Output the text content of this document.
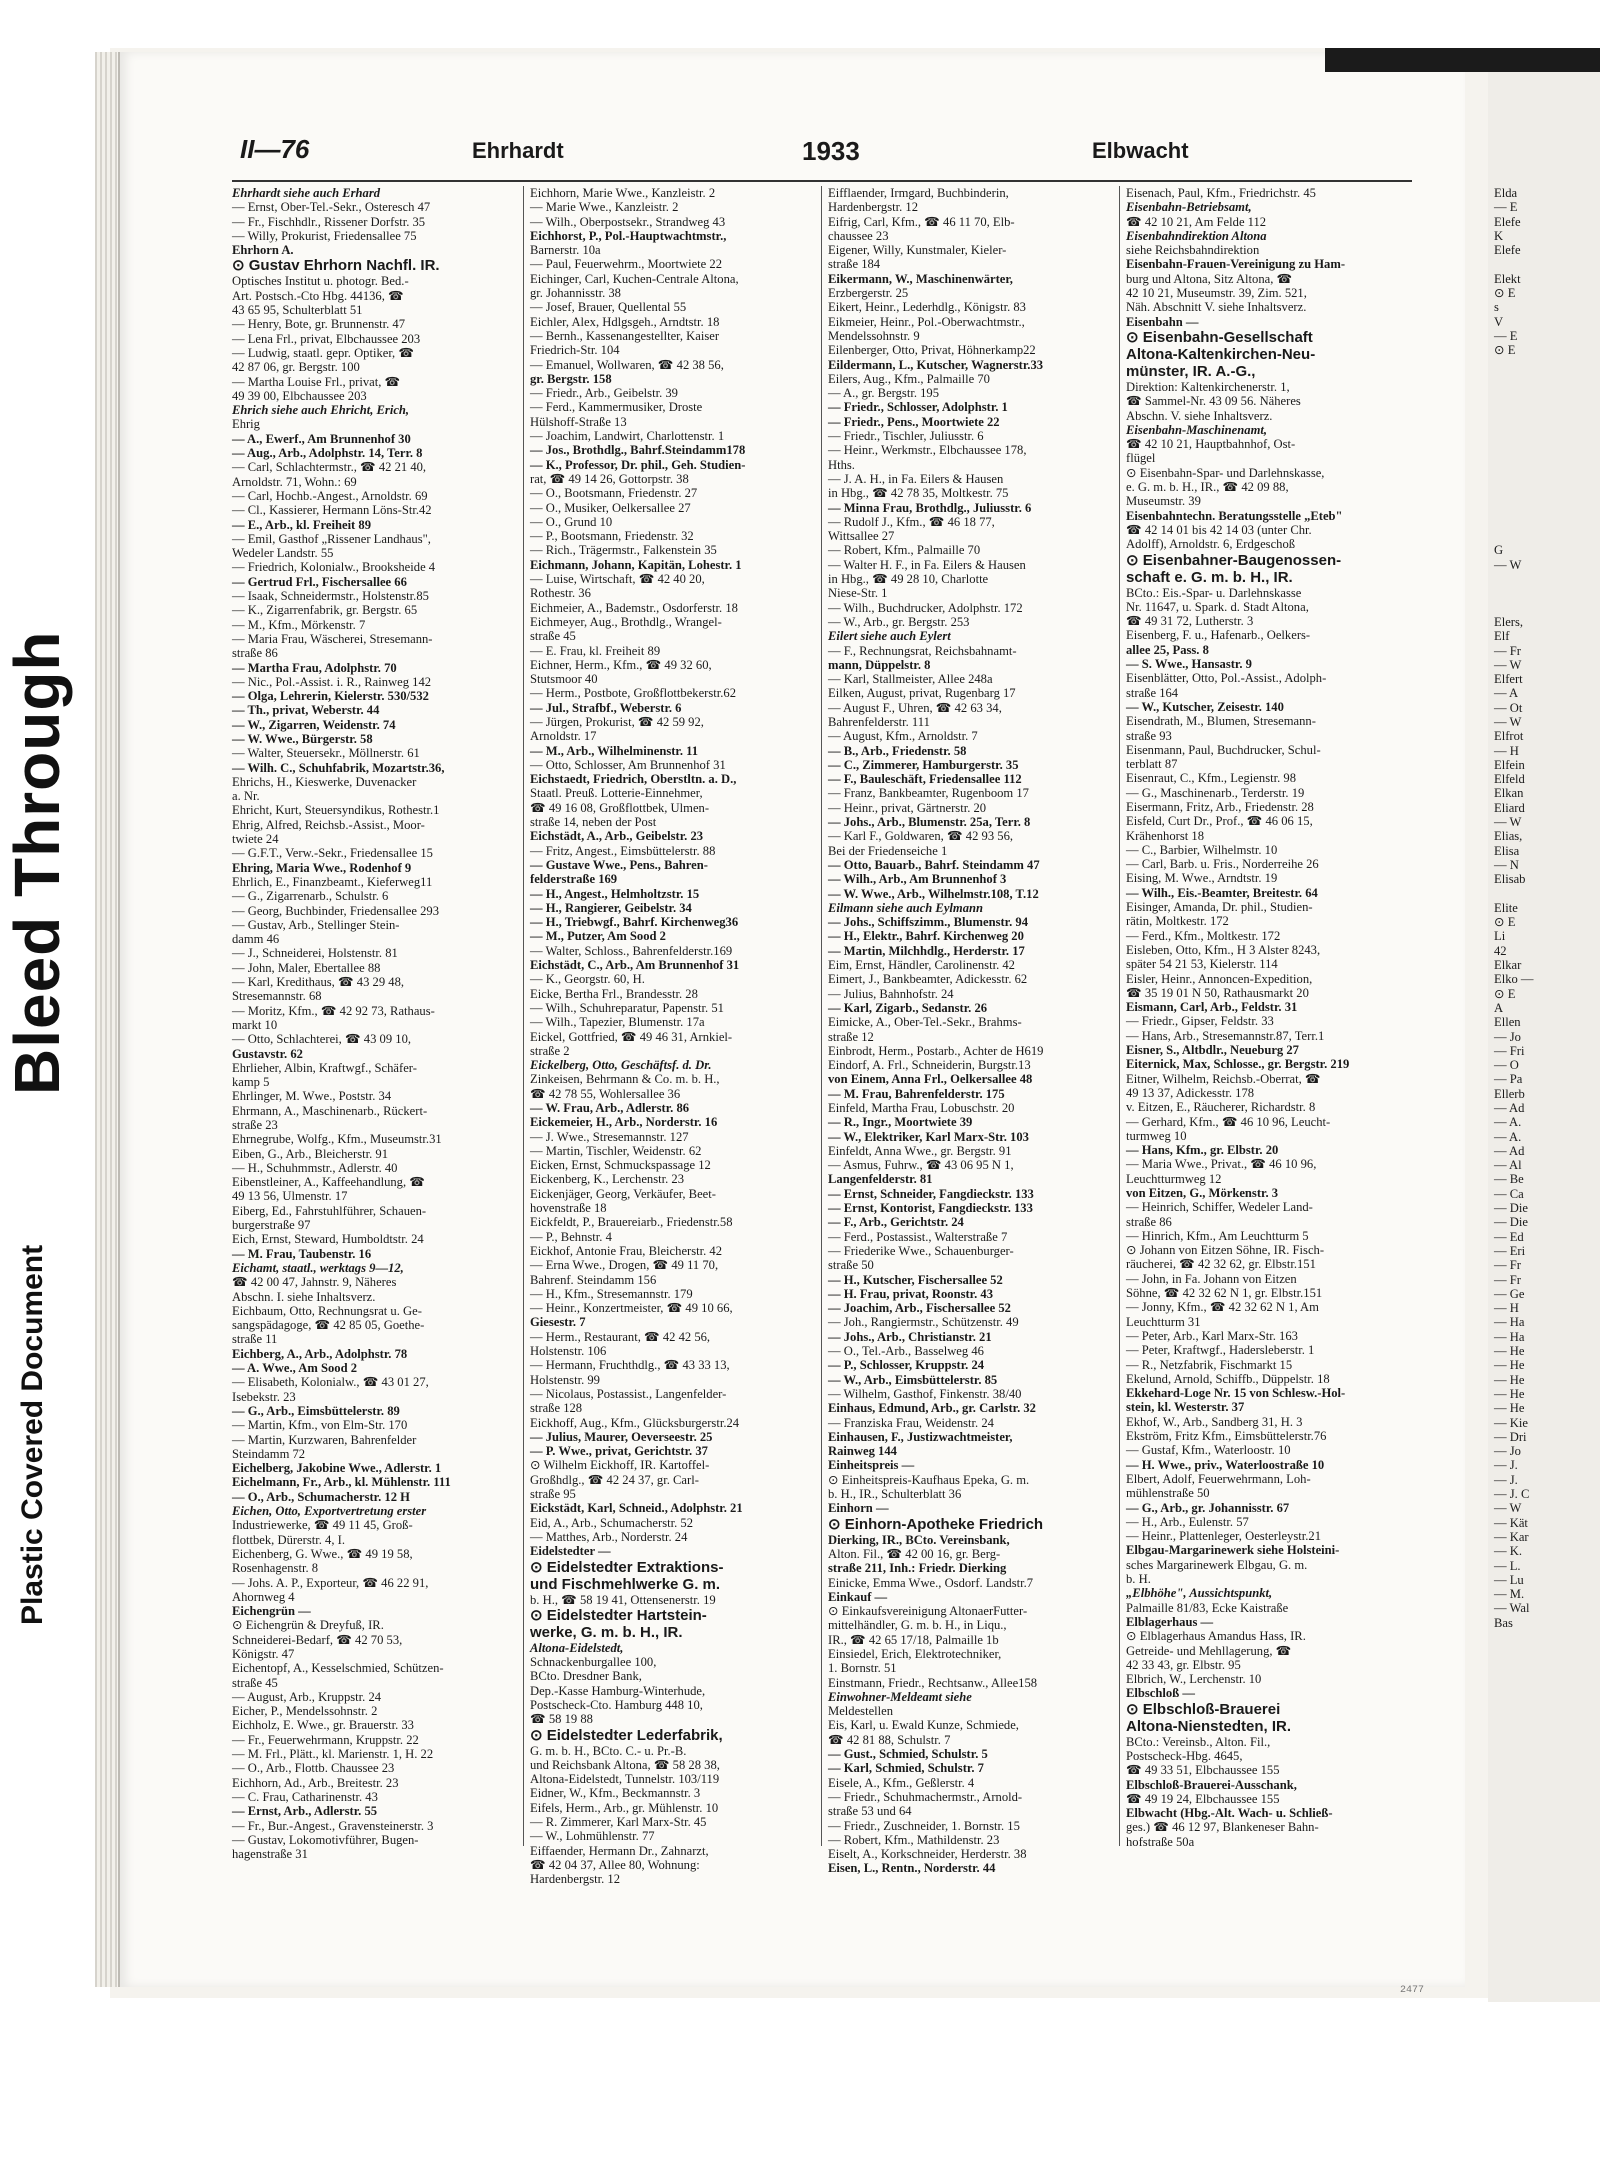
Bleed Through
Plastic Covered Document
II—76	Ehrhardt	1933	Elbwacht
Ehrhardt siehe auch Erhard
— Ernst, Ober-Tel.-Sekr., Osteresch 47
— Fr., Fischhdlr., Rissener Dorfstr. 35
— Willy, Prokurist, Friedensallee 75
Ehrhorn A.
⊙ Gustav Ehrhorn Nachfl. IR.
Optisches Institut u. photogr. Bed.-
Art. Postsch.-Cto Hbg. 44136, ☎
43 65 95, Schulterblatt 51
— Henry, Bote, gr. Brunnenstr. 47
— Lena Frl., privat, Elbchaussee 203
— Ludwig, staatl. gepr. Optiker, ☎
42 87 06, gr. Bergstr. 100
— Martha Louise Frl., privat, ☎
49 39 00, Elbchaussee 203
Ehrich siehe auch Ehricht, Erich,
Ehrig
— A., Ewerf., Am Brunnenhof 30
— Aug., Arb., Adolphstr. 14, Terr. 8
— Carl, Schlachtermstr., ☎ 42 21 40,
Arnoldstr. 71, Wohn.: 69
— Carl, Hochb.-Angest., Arnoldstr. 69
— Cl., Kassierer, Hermann Löns-Str.42
— E., Arb., kl. Freiheit 89
— Emil, Gasthof „Rissener Landhaus",
Wedeler Landstr. 55
— Friedrich, Kolonialw., Brooksheide 4
— Gertrud Frl., Fischersallee 66
— Isaak, Schneidermstr., Holstenstr.85
— K., Zigarrenfabrik, gr. Bergstr. 65
— M., Kfm., Mörkenstr. 7
— Maria Frau, Wäscherei, Stresemann-
straße 86
— Martha Frau, Adolphstr. 70
— Nic., Pol.-Assist. i. R., Rainweg 142
— Olga, Lehrerin, Kielerstr. 530/532
— Th., privat, Weberstr. 44
— W., Zigarren, Weidenstr. 74
— W. Wwe., Bürgerstr. 58
— Walter, Steuersekr., Möllnerstr. 61
— Wilh. C., Schuhfabrik, Mozartstr.36,
Ehrichs, H., Kieswerke, Duvenacker
a. Nr.
Ehricht, Kurt, Steuersyndikus, Rothestr.1
Ehrig, Alfred, Reichsb.-Assist., Moor-
twiete 24
— G.F.T., Verw.-Sekr., Friedensallee 15
Ehring, Maria Wwe., Rodenhof 9
Ehrlich, E., Finanzbeamt., Kieferweg11
— G., Zigarrenarb., Schulstr. 6
— Georg, Buchbinder, Friedensallee 293
— Gustav, Arb., Stellinger Stein-
damm 46
— J., Schneiderei, Holstenstr. 81
— John, Maler, Ebertallee 88
— Karl, Kredithaus, ☎ 43 29 48,
Stresemannstr. 68
— Moritz, Kfm., ☎ 42 92 73, Rathaus-
markt 10
— Otto, Schlachterei, ☎ 43 09 10,
Gustavstr. 62
Ehrlieher, Albin, Kraftwgf., Schäfer-
kamp 5
Ehrlinger, M. Wwe., Poststr. 34
Ehrmann, A., Maschinenarb., Rückert-
straße 23
Ehrnegrube, Wolfg., Kfm., Museumstr.31
Eiben, G., Arb., Bleicherstr. 91
— H., Schuhmmstr., Adlerstr. 40
Eibenstleiner, A., Kaffeehandlung, ☎
49 13 56, Ulmenstr. 17
Eiberg, Ed., Fahrstuhlführer, Schauen-
burgerstraße 97
Eich, Ernst, Steward, Humboldtstr. 24
— M. Frau, Taubenstr. 16
Eichamt, staatl., werktags 9—12,
☎ 42 00 47, Jahnstr. 9, Näheres
Abschn. I. siehe Inhaltsverz.
Eichbaum, Otto, Rechnungsrat u. Ge-
sangspädagoge, ☎ 42 85 05, Goethe-
straße 11
Eichberg, A., Arb., Adolphstr. 78
— A. Wwe., Am Sood 2
— Elisabeth, Kolonialw., ☎ 43 01 27,
Isebekstr. 23
— G., Arb., Eimsbüttelerstr. 89
— Martin, Kfm., von Elm-Str. 170
— Martin, Kurzwaren, Bahrenfelder
Steindamm 72
Eichelberg, Jakobine Wwe., Adlerstr. 1
Eichelmann, Fr., Arb., kl. Mühlenstr. 111
— O., Arb., Schumacherstr. 12 H
Eichen, Otto, Exportvertretung erster
Industriewerke, ☎ 49 11 45, Groß-
flottbek, Dürerstr. 4, I.
Eichenberg, G. Wwe., ☎ 49 19 58,
Rosenhagenstr. 8
— Johs. A. P., Exporteur, ☎ 46 22 91,
Ahornweg 4
Eichengrün —
⊙ Eichengrün & Dreyfuß, IR.
Schneiderei-Bedarf, ☎ 42 70 53,
Königstr. 47
Eichentopf, A., Kesselschmied, Schützen-
straße 45
— August, Arb., Kruppstr. 24
Eicher, P., Mendelssohnstr. 2
Eichholz, E. Wwe., gr. Brauerstr. 33
— Fr., Feuerwehrmann, Kruppstr. 22
— M. Frl., Plätt., kl. Marienstr. 1, H. 22
— O., Arb., Flottb. Chaussee 23
Eichhorn, Ad., Arb., Breitestr. 23
— C. Frau, Catharinenstr. 43
— Ernst, Arb., Adlerstr. 55
— Fr., Bur.-Angest., Gravensteinerstr. 3
— Gustav, Lokomotivführer, Bugen-
hagenstraße 31
Eichhorn, Marie Wwe., Kanzleistr. 2
— Marie Wwe., Kanzleistr. 2
— Wilh., Oberpostsekr., Strandweg 43
Eichhorst, P., Pol.-Hauptwachtmstr.,
Barnerstr. 10a
— Paul, Feuerwehrm., Moortwiete 22
Eichinger, Carl, Kuchen-Centrale Altona,
gr. Johannisstr. 38
— Josef, Brauer, Quellental 55
Eichler, Alex, Hdlgsgeh., Arndtstr. 18
— Bernh., Kassenangestellter, Kaiser
Friedrich-Str. 104
— Emanuel, Wollwaren, ☎ 42 38 56,
gr. Bergstr. 158
— Friedr., Arb., Geibelstr. 39
— Ferd., Kammermusiker, Droste
Hülshoff-Straße 13
— Joachim, Landwirt, Charlottenstr. 1
— Jos., Brothdlg., Bahrf.Steindamm178
— K., Professor, Dr. phil., Geh. Studien-
rat, ☎ 49 14 26, Gottorpstr. 38
— O., Bootsmann, Friedenstr. 27
— O., Musiker, Oelkersallee 27
— O., Grund 10
— P., Bootsmann, Friedenstr. 32
— Rich., Trägermstr., Falkenstein 35
Eichmann, Johann, Kapitän, Lohestr. 1
— Luise, Wirtschaft, ☎ 42 40 20,
Rothestr. 36
Eichmeier, A., Bademstr., Osdorferstr. 18
Eichmeyer, Aug., Brothdlg., Wrangel-
straße 45
— E. Frau, kl. Freiheit 89
Eichner, Herm., Kfm., ☎ 49 32 60,
Stutsmoor 40
— Herm., Postbote, Großflottbekerstr.62
— Jul., Strafbf., Weberstr. 6
— Jürgen, Prokurist, ☎ 42 59 92,
Arnoldstr. 17
— M., Arb., Wilhelminenstr. 11
— Otto, Schlosser, Am Brunnenhof 31
Eichstaedt, Friedrich, Oberstltn. a. D.,
Staatl. Preuß. Lotterie-Einnehmer,
☎ 49 16 08, Großflottbek, Ulmen-
straße 14, neben der Post
Eichstädt, A., Arb., Geibelstr. 23
— Fritz, Angest., Eimsbüttelerstr. 88
— Gustave Wwe., Pens., Bahren-
felderstraße 169
— H., Angest., Helmholtzstr. 15
— H., Rangierer, Geibelstr. 34
— H., Triebwgf., Bahrf. Kirchenweg36
— M., Putzer, Am Sood 2
— Walter, Schloss., Bahrenfelderstr.169
Eichstädt, C., Arb., Am Brunnenhof 31
— K., Georgstr. 60, H.
Eicke, Bertha Frl., Brandesstr. 28
— Wilh., Schuhreparatur, Papenstr. 51
— Wilh., Tapezier, Blumenstr. 17a
Eickel, Gottfried, ☎ 49 46 31, Arnkiel-
straße 2
Eickelberg, Otto, Geschäftsf. d. Dr.
Zinkeisen, Behrmann & Co. m. b. H.,
☎ 42 78 55, Wohlersallee 36
— W. Frau, Arb., Adlerstr. 86
Eickemeier, H., Arb., Norderstr. 16
— J. Wwe., Stresemannstr. 127
— Martin, Tischler, Weidenstr. 62
Eicken, Ernst, Schmuckspassage 12
Eickenberg, K., Lerchenstr. 23
Eickenjäger, Georg, Verkäufer, Beet-
hovenstraße 18
Eickfeldt, P., Brauereiarb., Friedenstr.58
— P., Behnstr. 4
Eickhof, Antonie Frau, Bleicherstr. 42
— Erna Wwe., Drogen, ☎ 49 11 70,
Bahrenf. Steindamm 156
— H., Kfm., Stresemannstr. 179
— Heinr., Konzertmeister, ☎ 49 10 66,
Giesestr. 7
— Herm., Restaurant, ☎ 42 42 56,
Holstenstr. 106
— Hermann, Fruchthdlg., ☎ 43 33 13,
Holstenstr. 99
— Nicolaus, Postassist., Langenfelder-
straße 128
Eickhoff, Aug., Kfm., Glücksburgerstr.24
— Julius, Maurer, Oeverseestr. 25
— P. Wwe., privat, Gerichtstr. 37
⊙ Wilhelm Eickhoff, IR. Kartoffel-
Großhdlg., ☎ 42 24 37, gr. Carl-
straße 95
Eickstädt, Karl, Schneid., Adolphstr. 21
Eid, A., Arb., Schumacherstr. 52
— Matthes, Arb., Norderstr. 24
Eidelstedter —
⊙ Eidelstedter Extraktions-
und Fischmehlwerke G. m.
b. H., ☎ 58 19 41, Ottensenerstr. 19
⊙ Eidelstedter Hartstein-
werke, G. m. b. H., IR.
Altona-Eidelstedt,
Schnackenburgallee 100,
BCto. Dresdner Bank,
Dep.-Kasse Hamburg-Winterhude,
Postscheck-Cto. Hamburg 448 10,
☎ 58 19 88
⊙ Eidelstedter Lederfabrik,
G. m. b. H., BCto. C.- u. Pr.-B.
und Reichsbank Altona, ☎ 58 28 38,
Altona-Eidelstedt, Tunnelstr. 103/119
Eidner, W., Kfm., Beckmannstr. 3
Eifels, Herm., Arb., gr. Mühlenstr. 10
— R. Zimmerer, Karl Marx-Str. 45
— W., Lohmühlenstr. 77
Eiffaender, Hermann Dr., Zahnarzt,
☎ 42 04 37, Allee 80, Wohnung:
Hardenbergstr. 12
Eifflaender, Irmgard, Buchbinderin,
Hardenbergstr. 12
Eifrig, Carl, Kfm., ☎ 46 11 70, Elb-
chaussee 23
Eigener, Willy, Kunstmaler, Kieler-
straße 184
Eikermann, W., Maschinenwärter,
Erzbergerstr. 25
Eikert, Heinr., Lederhdlg., Königstr. 83
Eikmeier, Heinr., Pol.-Oberwachtmstr.,
Mendelssohnstr. 9
Eilenberger, Otto, Privat, Höhnerkamp22
Eildermann, L., Kutscher, Wagnerstr.33
Eilers, Aug., Kfm., Palmaille 70
— A., gr. Bergstr. 195
— Friedr., Schlosser, Adolphstr. 1
— Friedr., Pens., Moortwiete 22
— Friedr., Tischler, Juliusstr. 6
— Heinr., Werkmstr., Elbchaussee 178,
Hths.
— J. A. H., in Fa. Eilers & Hausen
in Hbg., ☎ 42 78 35, Moltkestr. 75
— Minna Frau, Brothdlg., Juliusstr. 6
— Rudolf J., Kfm., ☎ 46 18 77,
Wittsallee 27
— Robert, Kfm., Palmaille 70
— Walter H. F., in Fa. Eilers & Hausen
in Hbg., ☎ 49 28 10, Charlotte
Niese-Str. 1
— Wilh., Buchdrucker, Adolphstr. 172
— W., Arb., gr. Bergstr. 253
Eilert siehe auch Eylert
— F., Rechnungsrat, Reichsbahnamt-
mann, Düppelstr. 8
— Karl, Stallmeister, Allee 248a
Eilken, August, privat, Rugenbarg 17
— August F., Uhren, ☎ 42 63 34,
Bahrenfelderstr. 111
— August, Kfm., Arnoldstr. 7
— B., Arb., Friedenstr. 58
— C., Zimmerer, Hamburgerstr. 35
— F., Bauleschäft, Friedensallee 112
— Franz, Bankbeamter, Rugenboom 17
— Heinr., privat, Gärtnerstr. 20
— Johs., Arb., Blumenstr. 25a, Terr. 8
— Karl F., Goldwaren, ☎ 42 93 56,
Bei der Friedenseiche 1
— Otto, Bauarb., Bahrf. Steindamm 47
— Wilh., Arb., Am Brunnenhof 3
— W. Wwe., Arb., Wilhelmstr.108, T.12
Eilmann siehe auch Eylmann
— Johs., Schiffszimm., Blumenstr. 94
— H., Elektr., Bahrf. Kirchenweg 20
— Martin, Milchhdlg., Herderstr. 17
Eim, Ernst, Händler, Carolinenstr. 42
Eimert, J., Bankbeamter, Adickesstr. 62
— Julius, Bahnhofstr. 24
— Karl, Zigarb., Sedanstr. 26
Eimicke, A., Ober-Tel.-Sekr., Brahms-
straße 12
Einbrodt, Herm., Postarb., Achter de H619
Eindorf, A. Frl., Schneiderin, Burgstr.13
von Einem, Anna Frl., Oelkersallee 48
— M. Frau, Bahrenfelderstr. 175
Einfeld, Martha Frau, Lobuschstr. 20
— R., Ingr., Moortwiete 39
— W., Elektriker, Karl Marx-Str. 103
Einfeldt, Anna Wwe., gr. Bergstr. 91
— Asmus, Fuhrw., ☎ 43 06 95 N 1,
Langenfelderstr. 81
— Ernst, Schneider, Fangdieckstr. 133
— Ernst, Kontorist, Fangdieckstr. 133
— F., Arb., Gerichtstr. 24
— Ferd., Postassist., Walterstraße 7
— Friederike Wwe., Schauenburger-
straße 50
— H., Kutscher, Fischersallee 52
— H. Frau, privat, Roonstr. 43
— Joachim, Arb., Fischersallee 52
— Joh., Rangiermstr., Schützenstr. 49
— Johs., Arb., Christianstr. 21
— O., Tel.-Arb., Basselweg 46
— P., Schlosser, Kruppstr. 24
— W., Arb., Eimsbüttelerstr. 85
— Wilhelm, Gasthof, Finkenstr. 38/40
Einhaus, Edmund, Arb., gr. Carlstr. 32
— Franziska Frau, Weidenstr. 24
Einhausen, F., Justizwachtmeister,
Rainweg 144
Einheitspreis —
⊙ Einheitspreis-Kaufhaus Epeka, G. m.
b. H., IR., Schulterblatt 36
Einhorn —
⊙ Einhorn-Apotheke Friedrich
Dierking, IR., BCto. Vereinsbank,
Alton. Fil., ☎ 42 00 16, gr. Berg-
straße 211, Inh.: Friedr. Dierking
Einicke, Emma Wwe., Osdorf. Landstr.7
Einkauf —
⊙ Einkaufsvereinigung AltonaerFutter-
mittelhändler, G. m. b. H., in Liqu.,
IR., ☎ 42 65 17/18, Palmaille 1b
Einsiedel, Erich, Elektrotechniker,
1. Bornstr. 51
Einstmann, Friedr., Rechtsanw., Allee158
Einwohner-Meldeamt siehe
Meldestellen
Eis, Karl, u. Ewald Kunze, Schmiede,
☎ 42 81 88, Schulstr. 7
— Gust., Schmied, Schulstr. 5
— Karl, Schmied, Schulstr. 7
Eisele, A., Kfm., Geßlerstr. 4
— Friedr., Schuhmachermstr., Arnold-
straße 53 und 64
— Friedr., Zuschneider, 1. Bornstr. 15
— Robert, Kfm., Mathildenstr. 23
Eiselt, A., Korkschneider, Herderstr. 38
Eisen, L., Rentn., Norderstr. 44
Eisenach, Paul, Kfm., Friedrichstr. 45
Eisenbahn-Betriebsamt,
☎ 42 10 21, Am Felde 112
Eisenbahndirektion Altona
siehe Reichsbahndirektion
Eisenbahn-Frauen-Vereinigung zu Ham-
burg und Altona, Sitz Altona, ☎
42 10 21, Museumstr. 39, Zim. 521,
Näh. Abschnitt V. siehe Inhaltsverz.
Eisenbahn —
⊙ Eisenbahn-Gesellschaft
Altona-Kaltenkirchen-Neu-
münster, IR. A.-G.,
Direktion: Kaltenkirchenerstr. 1,
☎ Sammel-Nr. 43 09 56. Näheres
Abschn. V. siehe Inhaltsverz.
Eisenbahn-Maschinenamt,
☎ 42 10 21, Hauptbahnhof, Ost-
flügel
⊙ Eisenbahn-Spar- und Darlehnskasse,
e. G. m. b. H., IR., ☎ 42 09 88,
Museumstr. 39
Eisenbahntechn. Beratungsstelle „Eteb"
☎ 42 14 01 bis 42 14 03 (unter Chr.
Adolff), Arnoldstr. 6, Erdgeschoß
⊙ Eisenbahner-Baugenossen-
schaft e. G. m. b. H., IR.
BCto.: Eis.-Spar- u. Darlehnskasse
Nr. 11647, u. Spark. d. Stadt Altona,
☎ 49 31 72, Lutherstr. 3
Eisenberg, F. u., Hafenarb., Oelkers-
allee 25, Pass. 8
— S. Wwe., Hansastr. 9
Eisenblätter, Otto, Pol.-Assist., Adolph-
straße 164
— W., Kutscher, Zeisestr. 140
Eisendrath, M., Blumen, Stresemann-
straße 93
Eisenmann, Paul, Buchdrucker, Schul-
terblatt 87
Eisenraut, C., Kfm., Legienstr. 98
— G., Maschinenarb., Terderstr. 19
Eisermann, Fritz, Arb., Friedenstr. 28
Eisfeld, Curt Dr., Prof., ☎ 46 06 15,
Krähenhorst 18
— C., Barbier, Wilhelmstr. 10
— Carl, Barb. u. Fris., Norderreihe 26
Eising, M. Wwe., Arndtstr. 19
— Wilh., Eis.-Beamter, Breitestr. 64
Eisinger, Amanda, Dr. phil., Studien-
rätin, Moltkestr. 172
— Ferd., Kfm., Moltkestr. 172
Eisleben, Otto, Kfm., H 3 Alster 8243,
später 54 21 53, Kielerstr. 114
Eisler, Heinr., Annoncen-Expedition,
☎ 35 19 01 N 50, Rathausmarkt 20
Eismann, Carl, Arb., Feldstr. 31
— Friedr., Gipser, Feldstr. 33
— Hans, Arb., Stresemannstr.87, Terr.1
Eisner, S., Altbdlr., Neueburg 27
Eiternick, Max, Schlosse., gr. Bergstr. 219
Eitner, Wilhelm, Reichsb.-Oberrat, ☎
49 13 37, Adickesstr. 178
v. Eitzen, E., Räucherer, Richardstr. 8
— Gerhard, Kfm., ☎ 46 10 96, Leucht-
turmweg 10
— Hans, Kfm., gr. Elbstr. 20
— Maria Wwe., Privat., ☎ 46 10 96,
Leuchtturmweg 12
von Eitzen, G., Mörkenstr. 3
— Heinrich, Schiffer, Wedeler Land-
straße 86
— Hinrich, Kfm., Am Leuchtturm 5
⊙ Johann von Eitzen Söhne, IR. Fisch-
räucherei, ☎ 42 32 62, gr. Elbstr.151
— John, in Fa. Johann von Eitzen
Söhne, ☎ 42 32 62 N 1, gr. Elbstr.151
— Jonny, Kfm., ☎ 42 32 62 N 1, Am
Leuchtturm 31
— Peter, Arb., Karl Marx-Str. 163
— Peter, Kraftwgf., Hadersleberstr. 1
— R., Netzfabrik, Fischmarkt 15
Ekelund, Arnold, Schiffb., Düppelstr. 18
Ekkehard-Loge Nr. 15 von Schlesw.-Hol-
stein, kl. Westerstr. 37
Ekhof, W., Arb., Sandberg 31, H. 3
Ekström, Fritz Kfm., Eimsbüttelerstr.76
— Gustaf, Kfm., Waterloostr. 10
— H. Wwe., priv., Waterloostraße 10
Elbert, Adolf, Feuerwehrmann, Loh-
mühlenstraße 50
— G., Arb., gr. Johannisstr. 67
— H., Arb., Eulenstr. 57
— Heinr., Plattenleger, Oesterleystr.21
Elbgau-Margarinewerk siehe Holsteini-
sches Margarinewerk Elbgau, G. m.
b. H.
„Elbhöhe", Aussichtspunkt,
Palmaille 81/83, Ecke Kaistraße
Elblagerhaus —
⊙ Elblagerhaus Amandus Hass, IR.
Getreide- und Mehllagerung, ☎
42 33 43, gr. Elbstr. 95
Elbrich, W., Lerchenstr. 10
Elbschloß —
⊙ Elbschloß-Brauerei
Altona-Nienstedten, IR.
BCto.: Vereinsb., Alton. Fil.,
Postscheck-Hbg. 4645,
☎ 49 33 51, Elbchaussee 155
Elbschloß-Brauerei-Ausschank,
☎ 49 19 24, Elbchaussee 155
Elbwacht (Hbg.-Alt. Wach- u. Schließ-
ges.) ☎ 46 12 97, Blankeneser Bahn-
hofstraße 50a
Elda
— E
Elefe
K
Elefe

Elekt
⊙ E
s
V
— E
⊙ E

G
— W

Elers,
Elf
— Fr
— W
Elfert
— A
— Ot
— W
Elfrot
— H
Elfein
Elfeld
Elkan
Eliard
— W
Elias,
Elisa
— N
Elisab

Elite
⊙ E
Li
42
Elkar
Elko —
⊙ E
A
Ellen
— Jo
— Fri
— O
— Pa
Ellerb
— Ad
— A.
— A.
— Ad
— Al
— Be
— Ca
— Die
— Die
— Ed
— Eri
— Fr
— Fr
— Ge
— H
— Ha
— Ha
— He
— He
— He
— He
— He
— Kie
— Dri
— Jo
— J.
— J.
— J. C
— W
— Kät
— Kar
— K.
— L.
— Lu
— M.
— Wal
Bas
2477
